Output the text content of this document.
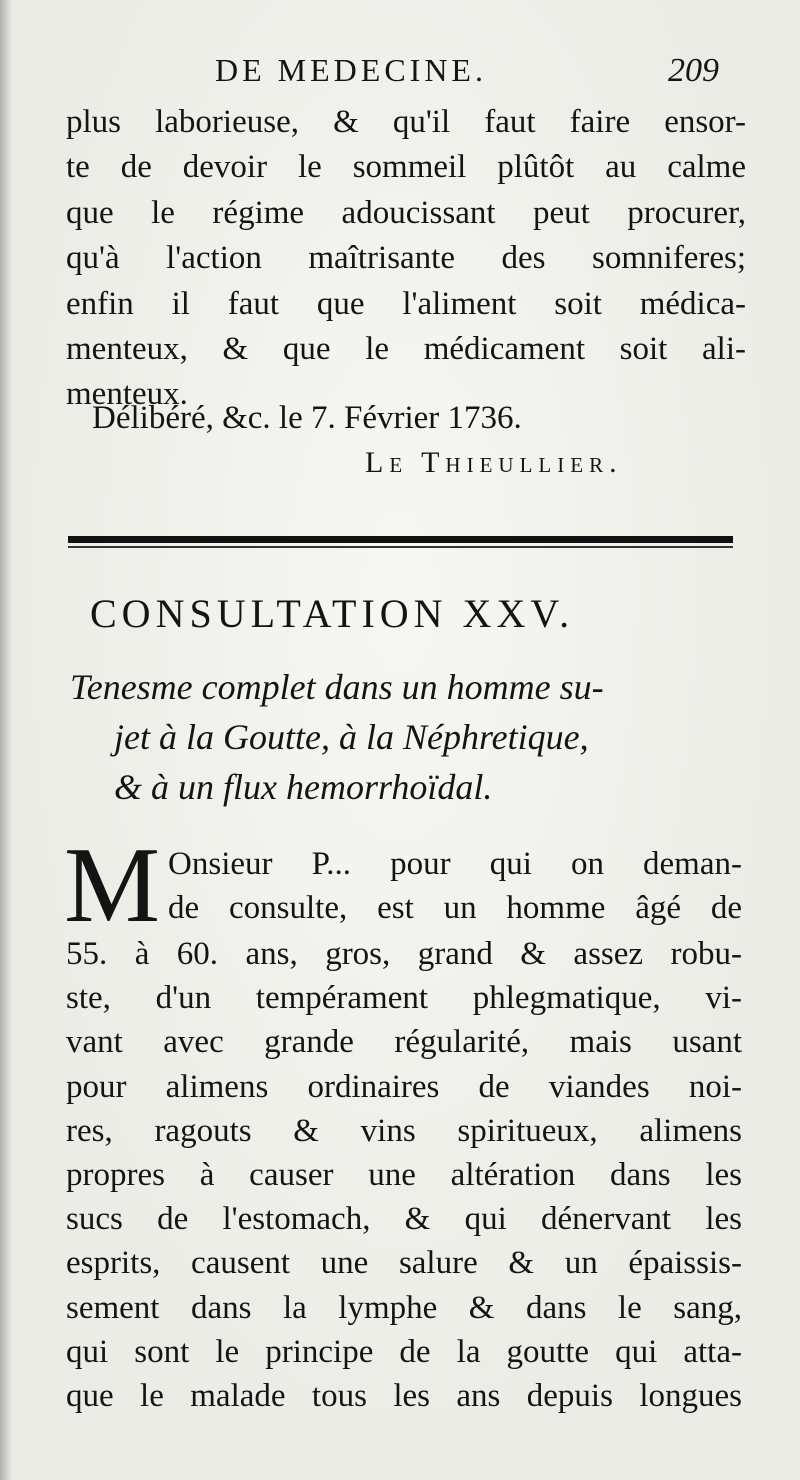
DE MEDECINE.	209
plus laborieuse, & qu'il faut faire ensor-
te de devoir le sommeil plûtôt au calme
que le régime adoucissant peut procurer,
qu'à l'action maîtrisante des somniferes;
enfin il faut que l'aliment soit médica-
menteux, & que le médicament soit ali-
menteux.
Délibéré, &c. le 7. Février 1736.
Le Thieullier.
CONSULTATION XXV.
Tenesme complet dans un homme su-
jet à la Goutte, à la Néphretique,
& à un flux hemorrhoïdal.
M Onsieur P... pour qui on deman-
de consulte, est un homme âgé de
55. à 60. ans, gros, grand & assez robu-
ste, d'un tempérament phlegmatique, vi-
vant avec grande régularité, mais usant
pour alimens ordinaires de viandes noi-
res, ragouts & vins spiritueux, alimens
propres à causer une altération dans les
sucs de l'estomach, & qui dénervant les
esprits, causent une salure & un épaissis-
sement dans la lymphe & dans le sang,
qui sont le principe de la goutte qui atta-
que le malade tous les ans depuis longues
